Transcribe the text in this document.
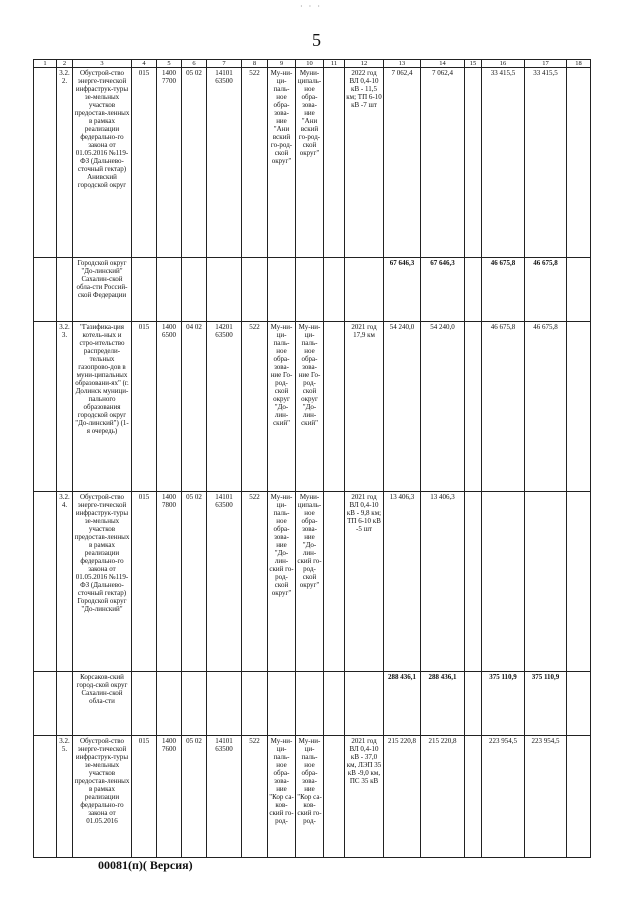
· · ·
5

1	2	3	4	5	6	7	8	9	10	11	12	13	14	15	16	17	18
	3.2.2.	Обустрой-ство энерге-тической инфраструк-туры зе-мельных участков предостав-ленных в рамках реализации федерально-го закона от 01.05.2016 №119-ФЗ (Дальнево-сточный гектар) Анивский городской округ	015	1400 7700	05 02	14101 63500	522	Му-ни-ци-паль-ное обра-зова-ние "Ани вский го-род-ской округ"	Муни-ципаль-ное обра-зова-ние "Ани вский го-род-ской округ"		2022 год ВЛ 0,4-10 кВ - 11,5 км; ТП 6-10 кВ -7 шт	7 062,4	7 062,4		33 415,5	33 415,5	
		Городской округ "До-линский" Сахалин-ской обла-сти Россий-ской Федерации										67 646,3	67 646,3		46 675,8	46 675,8	
	3.2.3.	"Газифика-ция котель-ных и стро-ительство распредели-тельных газопрово-дов в муни-ципальных образовани-ях" (г. Долинск муници-пального образования городской округ "До-линский") (1-я очередь)	015	1400 6500	04 02	14201 63500	522	Му-ни-ци-паль-ное обра-зова-ние Го-род-ской округ "До-лин-ский"	Му-ни-ци-паль-ное обра-зова-ние Го-род-ской округ "До-лин-ский"		2021 год 17,9 км	54 240,0	54 240,0		46 675,8	46 675,8	
	3.2.4.	Обустрой-ство энерге-тической инфраструк-туры зе-мельных участков предостав-ленных в рамках реализации федерально-го закона от 01.05.2016 №119-ФЗ (Дальнево-сточный гектар) Городской округ "До-линский"	015	1400 7800	05 02	14101 63500	522	Му-ни-ци-паль-ное обра-зова-ние "До-лин-ский го-род-ской округ"	Муни-ципаль-ное обра-зова-ние "До-лин-ский го-род-ской округ"		2021 год ВЛ 0,4-10 кВ - 9,8 км; ТП 6-10 кВ -5 шт	13 406,3	13 406,3				
		Корсаков-ский город-ской округ Сахалин-ской обла-сти										288 436,1	288 436,1		375 110,9	375 110,9	
	3.2.5.	Обустрой-ство энерге-тической инфраструк-туры зе-мельных участков предостав-ленных в рамках реализации федерально-го закона от 01.05.2016	015	1400 7600	05 02	14101 63500	522	Му-ни-ци-паль-ное обра-зова-ние "Кор са-ков-ский го-род-	Му-ни-ци-паль-ное обра-зова-ние "Кор са-ков-ский го-род-		2021 год ВЛ 0,4-10 кВ - 37,0 км, ЛЭП 35 кВ -9,0 км, ПС 35 кВ	215 220,8	215 220,8		223 954,5	223 954,5	
00081(п)( Версия)
